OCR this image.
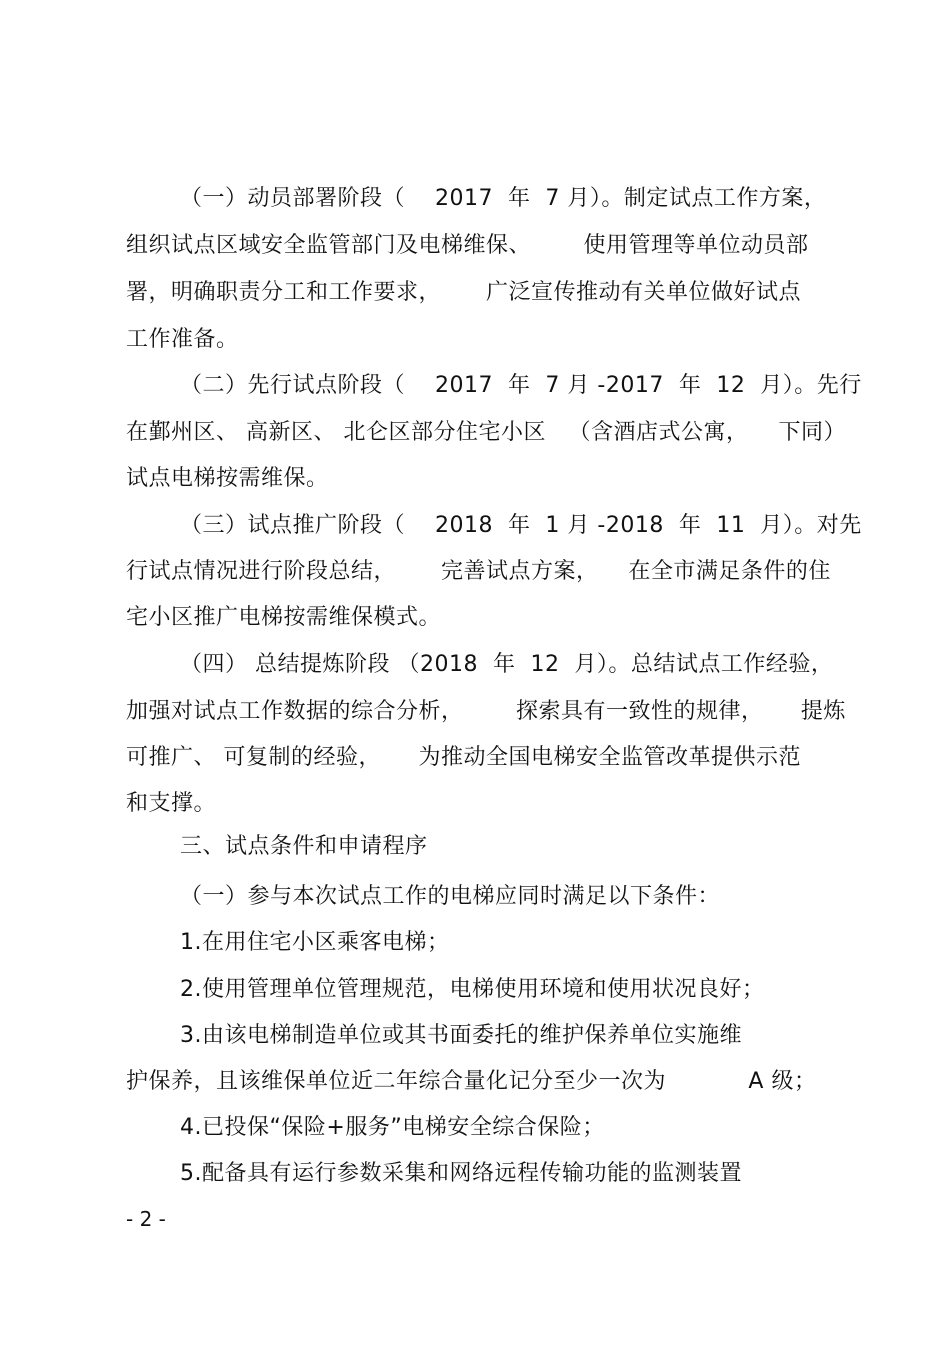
（一）动员部署阶段（    2017  年  7 月）。制定试点工作方案，
组织试点区域安全监管部门及电梯维保、       使用管理等单位动员部
署，明确职责分工和工作要求，      广泛宣传推动有关单位做好试点
工作准备。
（二）先行试点阶段（    2017  年  7 月 -2017  年  12  月）。先行
在鄞州区、 高新区、 北仑区部分住宅小区   （含酒店式公寓，    下同）
试点电梯按需维保。
（三）试点推广阶段（    2018  年  1 月 -2018  年  11  月）。对先
行试点情况进行阶段总结，      完善试点方案，    在全市满足条件的住
宅小区推广电梯按需维保模式。
（四） 总结提炼阶段 （2018  年  12  月）。总结试点工作经验，
加强对试点工作数据的综合分析，       探索具有一致性的规律，     提炼
可推广、 可复制的经验，     为推动全国电梯安全监管改革提供示范
和支撑。
三、试点条件和申请程序
（一）参与本次试点工作的电梯应同时满足以下条件：
1.在用住宅小区乘客电梯；
2.使用管理单位管理规范，电梯使用环境和使用状况良好；
3.由该电梯制造单位或其书面委托的维护保养单位实施维
护保养，且该维保单位近二年综合量化记分至少一次为           A 级；
4.已投保“保险+服务”电梯安全综合保险；
5.配备具有运行参数采集和网络远程传输功能的监测装置
- 2 -
